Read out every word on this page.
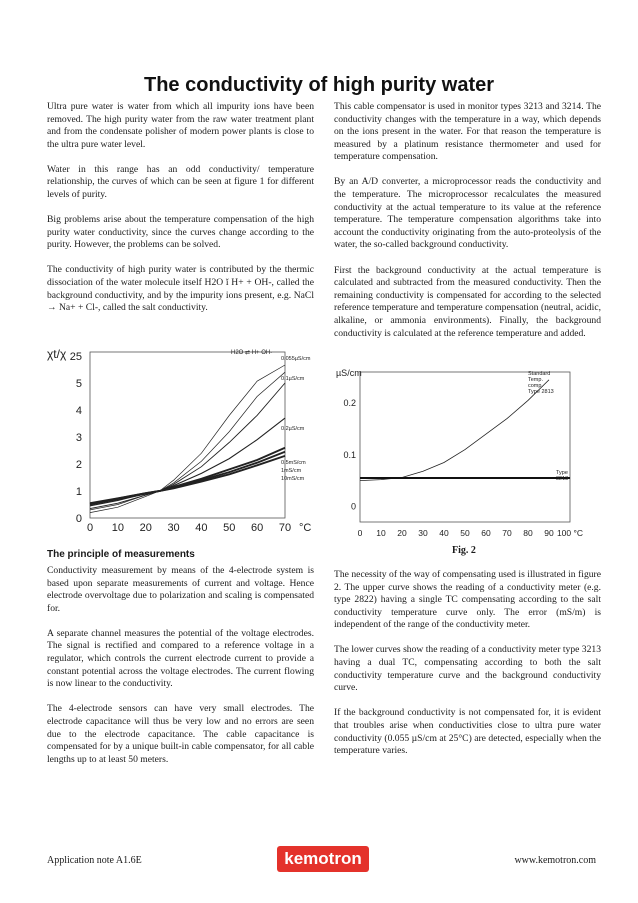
The conductivity of high purity water

Ultra pure water is water from which all impurity ions have been removed. The high purity water from the raw water treatment plant and from the condensate polisher of modern power plants is close to the ultra pure water level.

Water in this range has an odd conductivity/ temperature relationship, the curves of which can be seen at figure 1 for different levels of purity.

Big problems arise about the temperature compensation of the high purity water conductivity, since the curves change according to the purity. However, the problems can be solved.

The conductivity of high purity water is contributed by the thermic dissociation of the water molecule itself H2O ĭ H+ + OH-, called the background conductivity, and by the impurity ions present, e.g. NaCl → Na+ + Cl-, called the salt conductivity.

This cable compensator is used in monitor types 3213 and 3214. The conductivity changes with the temperature in a way, which depends on the ions present in the water. For that reason the temperature is measured by a platinum resistance thermometer and used for temperature compensation.

By an A/D converter, a microprocessor reads the conductivity and the temperature. The microprocessor recalculates the measured conductivity at the actual temperature to its value at the reference temperature. The temperature compensation algorithms take into account the conductivity originating from the auto-proteolysis of the water, the so-called background conductivity.

First the background conductivity at the actual temperature is calculated and subtracted from the measured conductivity. Then the remaining conductivity is compensated for according to the selected reference temperature and temperature compensation (neutral, acidic, alkaline, or ammonia environments). Finally, the background conductivity is calculated at the reference temperature and added.

0
1
2
3
4
5
25
0 10 20 30 40 50 60 70 °C
χt/χ	H2O ⇄ H+ OH-
0.055µS/cm
0.1µS/cm
0.2µS/cm
0.5mS/cm
1mS/cm
10mS/cm
µS/cm
0
0.1
0.2
0 10 20 30 40 50 60 70 80 90 100 °C
Standard Temp. comp. Type 2813
Type 3213
The principle of measurements

Conductivity measurement by means of the 4-electrode system is based upon separate measurements of current and voltage. Hence electrode overvoltage due to polarization and scaling is compensated for.

A separate channel measures the potential of the voltage electrodes. The signal is rectified and compared to a reference voltage in a regulator, which controls the current electrode current to provide a constant potential across the voltage electrodes. The current flowing is now linear to the conductivity.

The 4-electrode sensors can have very small electrodes. The electrode capacitance will thus be very low and no errors are seen due to the electrode capacitance. The cable capacitance is compensated for by a unique built-in cable compensator, for all cable lengths up to at least 50 meters.

Fig. 2

The necessity of the way of compensating used is illustrated in figure 2. The upper curve shows the reading of a conductivity meter (e.g. type 2822) having a single TC compensating according to the salt conductivity temperature curve only. The error (mS/m) is independent of the range of the conductivity meter.

The lower curves show the reading of a conductivity meter type 3213 having a dual TC, compensating according to both the salt conductivity temperature curve and the background conductivity curve.

If the background conductivity is not compensated for, it is evident that troubles arise when conductivities close to ultra pure water conductivity (0.055 µS/cm at 25°C) are detected, especially when the temperature varies.

Application note A1.6E	kemotron	www.kemotron.com
